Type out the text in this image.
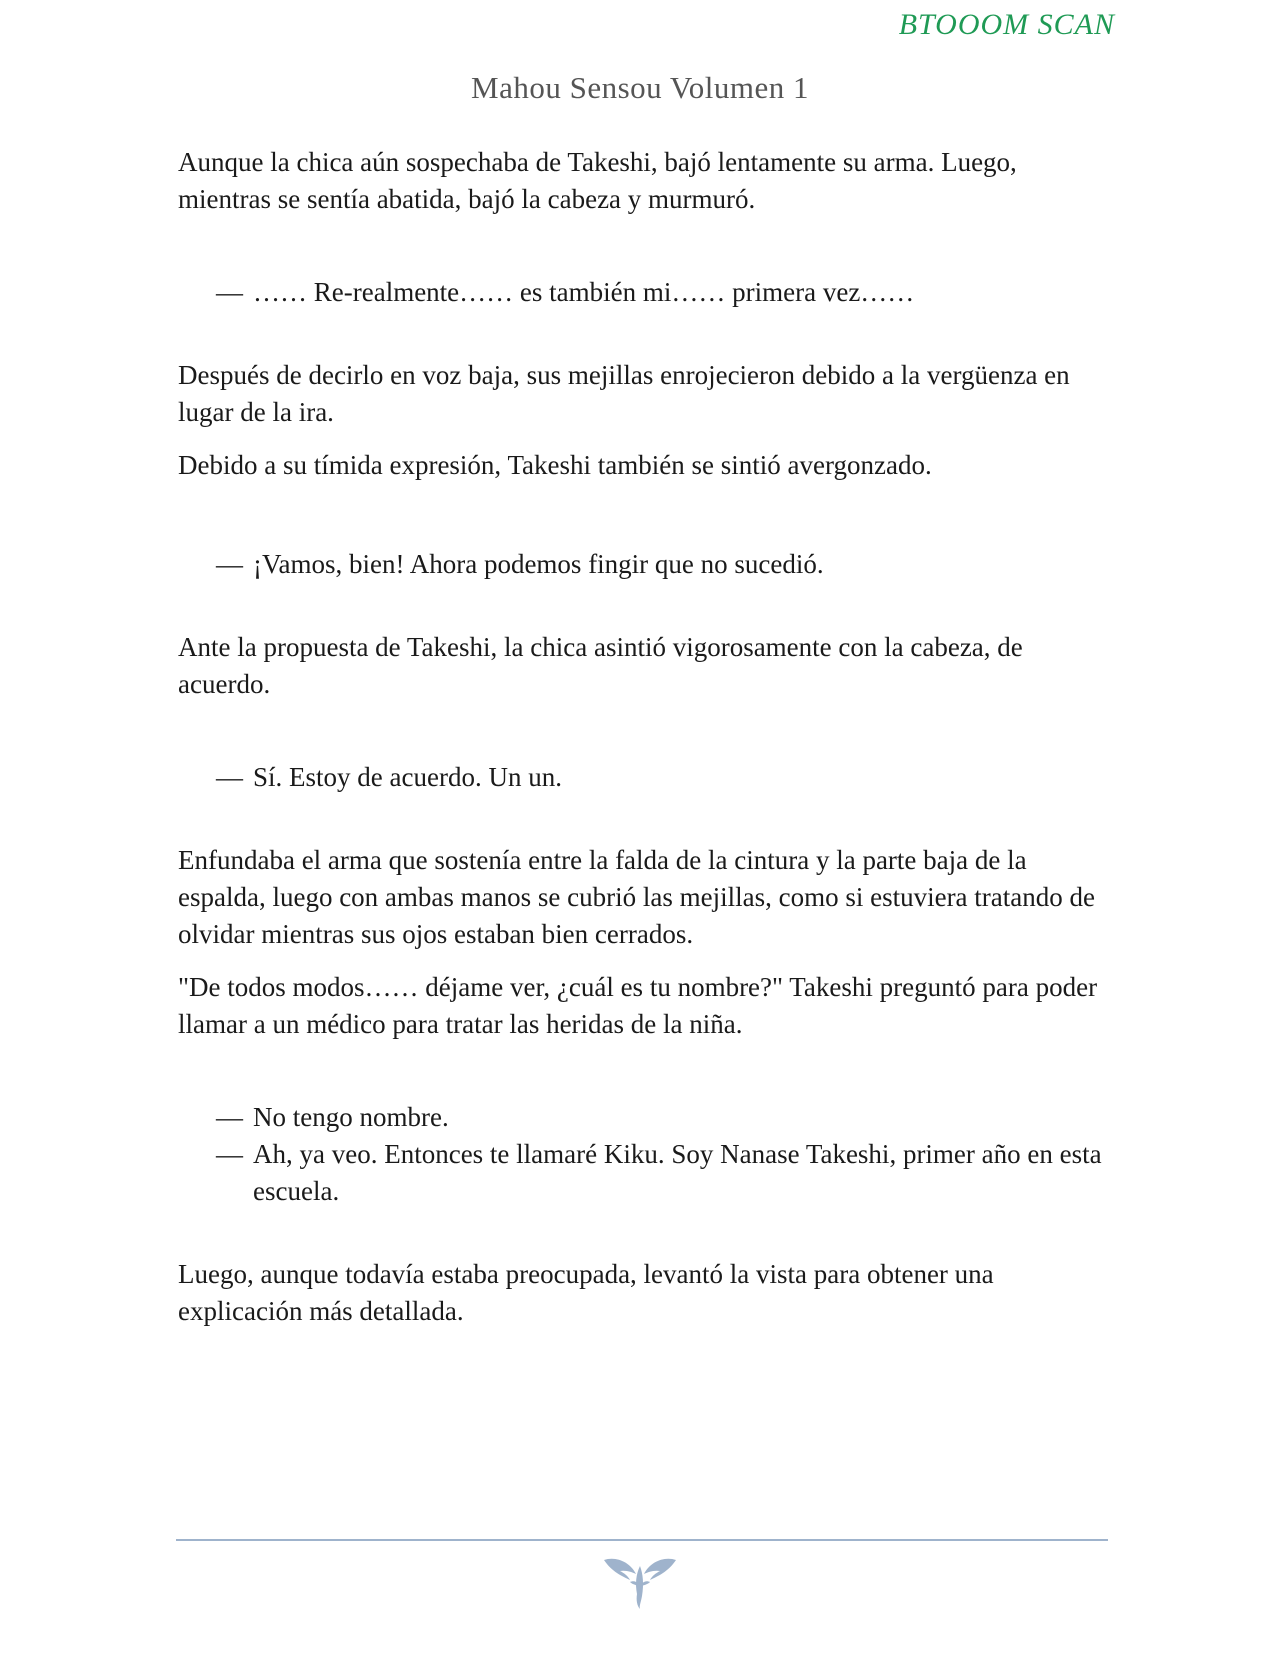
BTOOOM SCAN
Mahou Sensou Volumen 1

Aunque la chica aún sospechaba de Takeshi, bajó lentamente su arma. Luego, mientras se sentía abatida, bajó la cabeza y murmuró.

— …… Re-realmente…… es también mi…… primera vez……

Después de decirlo en voz baja, sus mejillas enrojecieron debido a la vergüenza en lugar de la ira.

Debido a su tímida expresión, Takeshi también se sintió avergonzado.

— ¡Vamos, bien! Ahora podemos fingir que no sucedió.

Ante la propuesta de Takeshi, la chica asintió vigorosamente con la cabeza, de acuerdo.

— Sí. Estoy de acuerdo. Un un.

Enfundaba el arma que sostenía entre la falda de la cintura y la parte baja de la espalda, luego con ambas manos se cubrió las mejillas, como si estuviera tratando de olvidar mientras sus ojos estaban bien cerrados.

"De todos modos…… déjame ver, ¿cuál es tu nombre?" Takeshi preguntó para poder llamar a un médico para tratar las heridas de la niña.

— No tengo nombre.
— Ah, ya veo. Entonces te llamaré Kiku. Soy Nanase Takeshi, primer año en esta escuela.

Luego, aunque todavía estaba preocupada, levantó la vista para obtener una explicación más detallada.
